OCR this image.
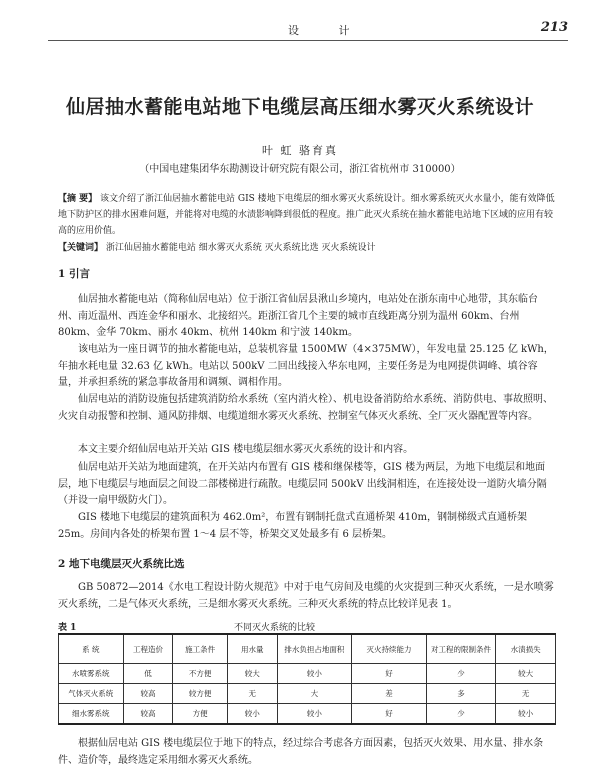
设 计	213
仙居抽水蓄能电站地下电缆层高压细水雾灭火系统设计
叶 虹 骆育真
（中国电建集团华东勘测设计研究院有限公司，浙江省杭州市 310000）
【摘 要】 该文介绍了浙江仙居抽水蓄能电站 GIS 楼地下电缆层的细水雾灭火系统设计。细水雾系统灭火水量小，能有效降低地下防护区的排水困难问题，并能将对电缆的水渍影响降到很低的程度。推广此灭火系统在抽水蓄能电站地下区域的应用有较高的应用价值。
【关键词】 浙江仙居抽水蓄能电站 细水雾灭火系统 灭火系统比选 灭火系统设计
1 引言

仙居抽水蓄能电站（简称仙居电站）位于浙江省仙居县湫山乡境内，电站处在浙东南中心地带，其东临台州、南近温州、西连金华和丽水、北接绍兴。距浙江省几个主要的城市直线距离分别为温州 60km、台州 80km、金华 70km、丽水 40km、杭州 140km 和宁波 140km。

该电站为一座日调节的抽水蓄能电站，总装机容量 1500MW（4×375MW），年发电量 25.125 亿 kWh，年抽水耗电量 32.63 亿 kWh。电站以 500kV 二回出线接入华东电网，主要任务是为电网提供调峰、填谷容量，并承担系统的紧急事故备用和调频、调相作用。

仙居电站的消防设施包括建筑消防给水系统（室内消火栓）、机电设备消防给水系统、消防供电、事故照明、火灾自动报警和控制、通风防排烟、电缆道细水雾灭火系统、控制室气体灭火系统、全厂灭火器配置等内容。

本文主要介绍仙居电站开关站 GIS 楼电缆层细水雾灭火系统的设计和内容。

仙居电站开关站为地面建筑，在开关站内布置有 GIS 楼和继保楼等，GIS 楼为两层，为地下电缆层和地面层，地下电缆层与地面层之间设二部楼梯进行疏散。电缆层同 500kV 出线洞相连，在连接处设一道防火墙分隔（并设一扇甲级防火门）。

GIS 楼地下电缆层的建筑面积为 462.0m²，布置有钢制托盘式直通桥架 410m，钢制梯级式直通桥架 25m。房间内各处的桥架布置 1～4 层不等，桥架交叉处最多有 6 层桥架。

2 地下电缆层灭火系统比选

GB 50872—2014《水电工程设计防火规范》中对于电气房间及电缆的火灾提到三种灭火系统，一是水喷雾灭火系统，二是气体灭火系统，三是细水雾灭火系统。三种灭火系统的特点比较详见表 1。

表 1	不同灭火系统的比较
系 统	工程造价	施工条件	用水量	排水负担占地面积	灭火持续能力	对工程的限制条件	水渍损失
水喷雾系统	低	不方便	较大	较小	好	少	较大
气体灭火系统	较高	较方便	无	大	差	多	无
细水雾系统	较高	方便	较小	较小	好	少	较小

根据仙居电站 GIS 楼电缆层位于地下的特点，经过综合考虑各方面因素，包括灭火效果、用水量、排水条件、造价等，最终选定采用细水雾灭火系统。
